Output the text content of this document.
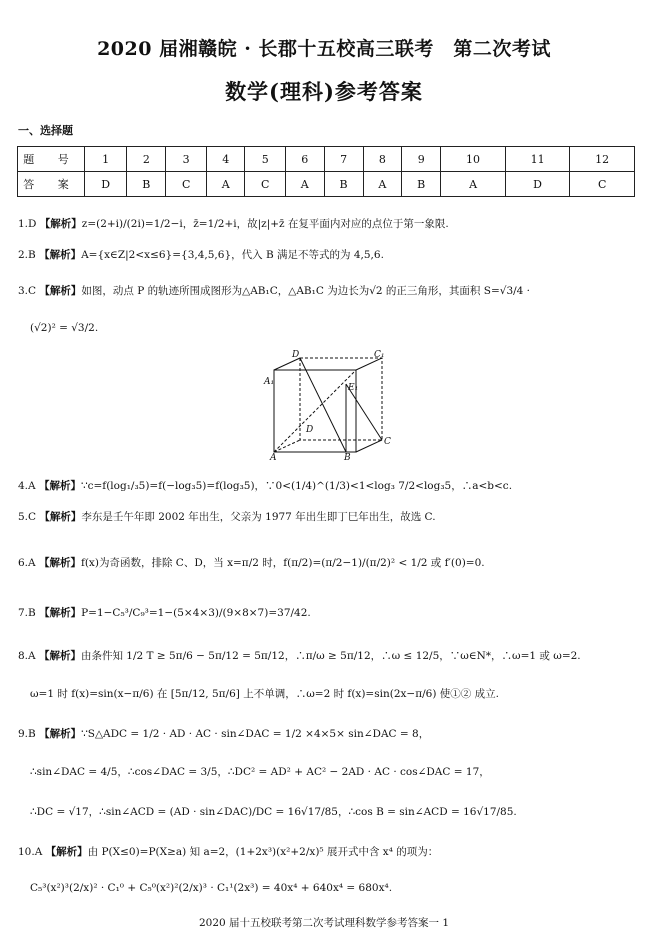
2020 届湘赣皖 · 长郡十五校高三联考　第二次考试
数学(理科)参考答案
一、选择题
题 号	1	2	3	4	5	6	7	8	9	10	11	12
答 案	D	B	C	A	C	A	B	A	B	A	D	C
1.D 【解析】z=(2+i)/(2i)=1/2−i，z̄=1/2+i，故|z|+z̄ 在复平面内对应的点位于第一象限.
2.B 【解析】A={x∈Z|2<x≤6}={3,4,5,6}，代入 B 满足不等式的为 4,5,6.
3.C 【解析】如图，动点 P 的轨迹所围成图形为△AB₁C，△AB₁C 为边长为√2 的正三角形，其面积 S=√3/4 ·
(√2)² = √3/2.
D	C₁
A₁
E₁
D
C
A	B
4.A 【解析】∵c=f(log₁/₃5)=f(−log₃5)=f(log₃5)，∵0<(1/4)^(1/3)<1<log₃ 7/2<log₃5，∴a<b<c.
5.C 【解析】李东是壬午年即 2002 年出生，父亲为 1977 年出生即丁巳年出生，故选 C.
6.A 【解析】f(x)为奇函数，排除 C、D，当 x=π/2 时，f(π/2)=(π/2−1)/(π/2)² < 1/2 或 f′(0)=0.
7.B 【解析】P=1−C₅³/C₉³=1−(5×4×3)/(9×8×7)=37/42.
8.A 【解析】由条件知 1/2 T ≥ 5π/6 − 5π/12 = 5π/12，∴π/ω ≥ 5π/12，∴ω ≤ 12/5，∵ω∈N*，∴ω=1 或 ω=2.
ω=1 时 f(x)=sin(x−π/6) 在 [5π/12, 5π/6] 上不单调，∴ω=2 时 f(x)=sin(2x−π/6) 使①② 成立.
9.B 【解析】∵S△ADC = 1/2 · AD · AC · sin∠DAC = 1/2 ×4×5× sin∠DAC = 8，
∴sin∠DAC = 4/5，∴cos∠DAC = 3/5，∴DC² = AD² + AC² − 2AD · AC · cos∠DAC = 17，
∴DC = √17，∴sin∠ACD = (AD · sin∠DAC)/DC = 16√17/85，∴cos B = sin∠ACD = 16√17/85.
10.A 【解析】由 P(X≤0)=P(X≥a) 知 a=2，(1+2x³)(x²+2/x)⁵ 展开式中含 x⁴ 的项为：
C₅³(x²)³(2/x)² · C₁⁰ + C₅⁰(x²)²(2/x)³ · C₁¹(2x³) = 40x⁴ + 640x⁴ = 680x⁴.
2020 届十五校联考第二次考试理科数学参考答案一 1
